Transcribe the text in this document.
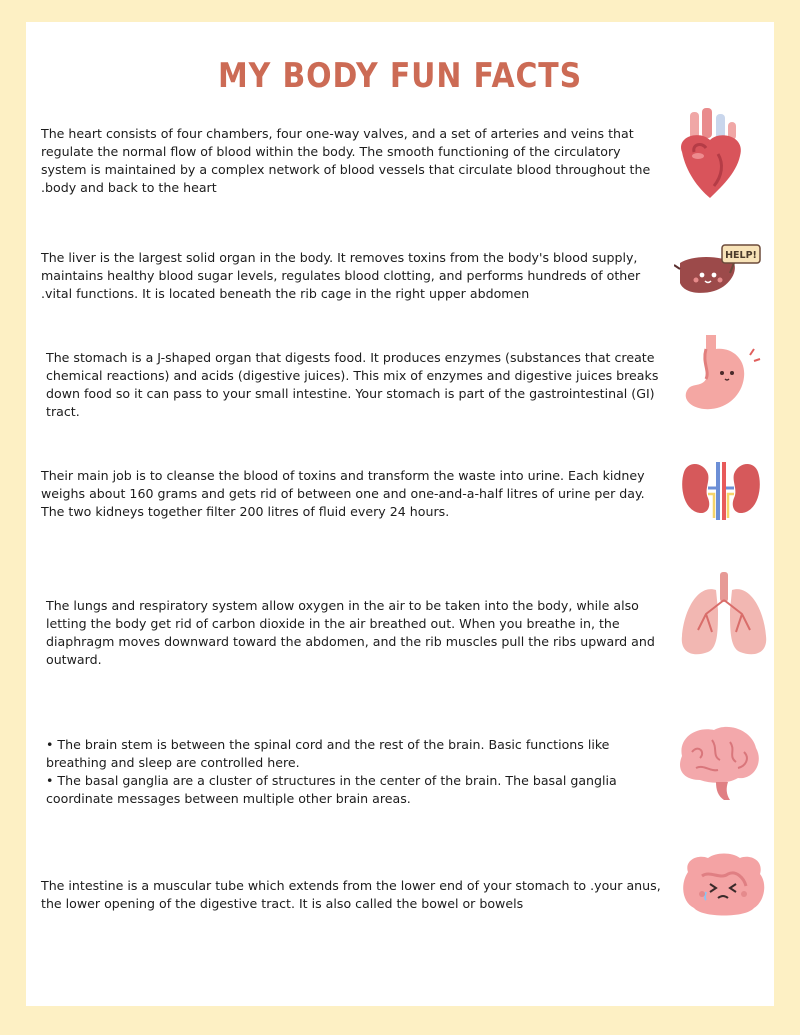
MY BODY FUN FACTS

The heart consists of four chambers, four one-way valves, and a set of arteries and veins that regulate the normal flow of blood within the body. The smooth functioning of the circulatory system is maintained by a complex network of blood vessels that circulate blood throughout the .body and back to the heart

The liver is the largest solid organ in the body. It removes toxins from the body's blood supply, maintains healthy blood sugar levels, regulates blood clotting, and performs hundreds of other .vital functions. It is located beneath the rib cage in the right upper abdomen

HELP!

The stomach is a J-shaped organ that digests food. It produces enzymes (substances that create chemical reactions) and acids (digestive juices). This mix of enzymes and digestive juices breaks down food so it can pass to your small intestine. Your stomach is part of the gastrointestinal (GI) tract.

Their main job is to cleanse the blood of toxins and transform the waste into urine. Each kidney weighs about 160 grams and gets rid of between one and one-and-a-half litres of urine per day. The two kidneys together filter 200 litres of fluid every 24 hours.

The lungs and respiratory system allow oxygen in the air to be taken into the body, while also letting the body get rid of carbon dioxide in the air breathed out. When you breathe in, the diaphragm moves downward toward the abdomen, and the rib muscles pull the ribs upward and outward.

• The brain stem is between the spinal cord and the rest of the brain. Basic functions like breathing and sleep are controlled here.

• The basal ganglia are a cluster of structures in the center of the brain. The basal ganglia coordinate messages between multiple other brain areas.

The intestine is a muscular tube which extends from the lower end of your stomach to .your anus, the lower opening of the digestive tract. It is also called the bowel or bowels
